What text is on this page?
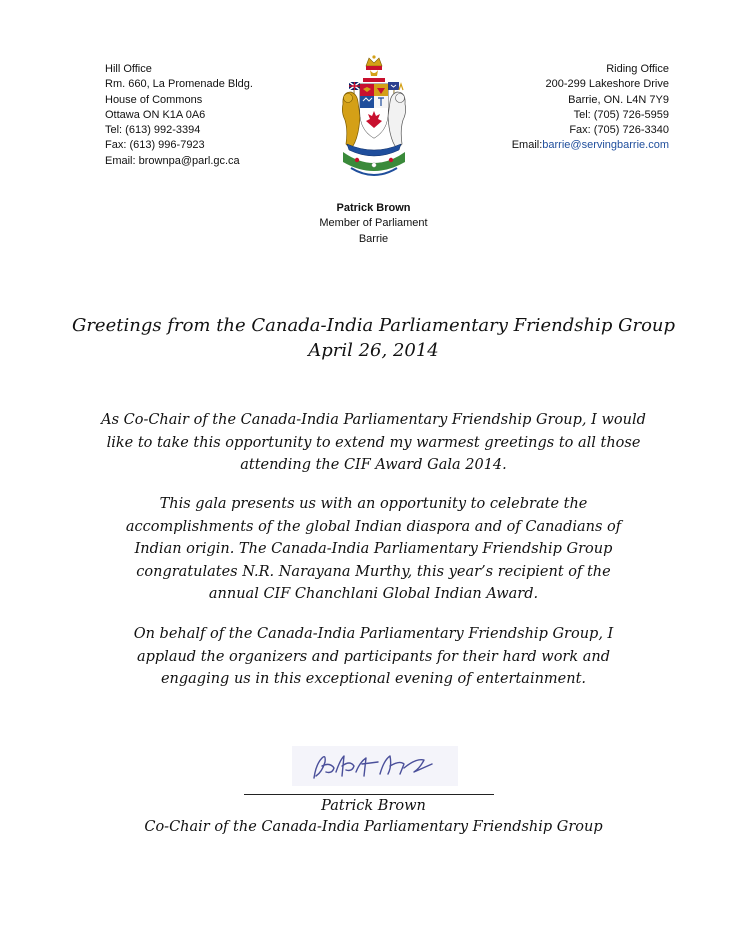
Hill Office
Rm. 660, La Promenade Bldg.
House of Commons
Ottawa ON K1A 0A6
Tel: (613) 992-3394
Fax: (613) 996-7923
Email: brownpa@parl.gc.ca
Riding Office
200-299 Lakeshore Drive
Barrie, ON. L4N 7Y9
Tel: (705) 726-5959
Fax: (705) 726-3340
Email:barrie@servingbarrie.com
Patrick Brown
Member of Parliament
Barrie
Greetings from the Canada-India Parliamentary Friendship Group
April 26, 2014
As Co-Chair of the Canada-India Parliamentary Friendship Group, I would
like to take this opportunity to extend my warmest greetings to all those
attending the CIF Award Gala 2014.
This gala presents us with an opportunity to celebrate the
accomplishments of the global Indian diaspora and of Canadians of
Indian origin. The Canada-India Parliamentary Friendship Group
congratulates N.R. Narayana Murthy, this year’s recipient of the
annual CIF Chanchlani Global Indian Award.
On behalf of the Canada-India Parliamentary Friendship Group, I
applaud the organizers and participants for their hard work and
engaging us in this exceptional evening of entertainment.
Patrick Brown
Co-Chair of the Canada-India Parliamentary Friendship Group
